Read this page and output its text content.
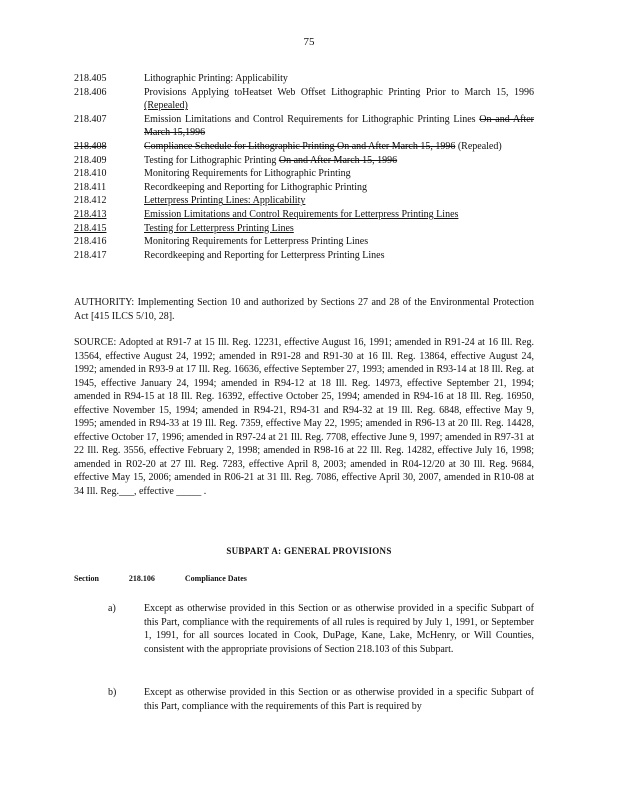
75
218.405	Lithographic Printing: Applicability
218.406	Provisions Applying toHeatset Web Offset Lithographic Printing Prior to March 15, 1996 (Repealed)
218.407	Emission Limitations and Control Requirements for Lithographic Printing Lines On and After March 15,1996
218.408	Compliance Schedule for Lithographic Printing On and After March 15, 1996 (Repealed)
218.409	Testing for Lithographic Printing On and After March 15, 1996
218.410	Monitoring Requirements for Lithographic Printing
218.411	Recordkeeping and Reporting for Lithographic Printing
218.412	Letterpress Printing Lines: Applicability
218.413	Emission Limitations and Control Requirements for Letterpress Printing Lines
218.415	Testing for Letterpress Printing Lines
218.416	Monitoring Requirements for Letterpress Printing Lines
218.417	Recordkeeping and Reporting for Letterpress Printing Lines
AUTHORITY: Implementing Section 10 and authorized by Sections 27 and 28 of the Environmental Protection Act [415 ILCS 5/10, 28].
SOURCE: Adopted at R91-7 at 15 Ill. Reg. 12231, effective August 16, 1991; amended in R91-24 at 16 Ill. Reg. 13564, effective August 24, 1992; amended in R91-28 and R91-30 at 16 Ill. Reg. 13864, effective August 24, 1992; amended in R93-9 at 17 Ill. Reg. 16636, effective September 27, 1993; amended in R93-14 at 18 Ill. Reg. at 1945, effective January 24, 1994; amended in R94-12 at 18 Ill. Reg. 14973, effective September 21, 1994; amended in R94-15 at 18 Ill. Reg. 16392, effective October 25, 1994; amended in R94-16 at 18 Ill. Reg. 16950, effective November 15, 1994; amended in R94-21, R94-31 and R94-32 at 19 Ill. Reg. 6848, effective May 9, 1995; amended in R94-33 at 19 Ill. Reg. 7359, effective May 22, 1995; amended in R96-13 at 20 Ill. Reg. 14428, effective October 17, 1996; amended in R97-24 at 21 Ill. Reg. 7708, effective June 9, 1997; amended in R97-31 at 22 Ill. Reg. 3556, effective February 2, 1998; amended in R98-16 at 22 Ill. Reg. 14282, effective July 16, 1998; amended in R02-20 at 27 Ill. Reg. 7283, effective April 8, 2003; amended in R04-12/20 at 30 Ill. Reg. 9684, effective May 15, 2006; amended in R06-21 at 31 Ill. Reg. 7086, effective April 30, 2007, amended in R10-08 at 34 Ill. Reg.___, effective _____ .
SUBPART A: GENERAL PROVISIONS
Section	218.106	Compliance Dates
a)	Except as otherwise provided in this Section or as otherwise provided in a specific Subpart of this Part, compliance with the requirements of all rules is required by July 1, 1991, or September 1, 1991, for all sources located in Cook, DuPage, Kane, Lake, McHenry, or Will Counties, consistent with the appropriate provisions of Section 218.103 of this Subpart.
b)	Except as otherwise provided in this Section or as otherwise provided in a specific Subpart of this Part, compliance with the requirements of this Part is required by
